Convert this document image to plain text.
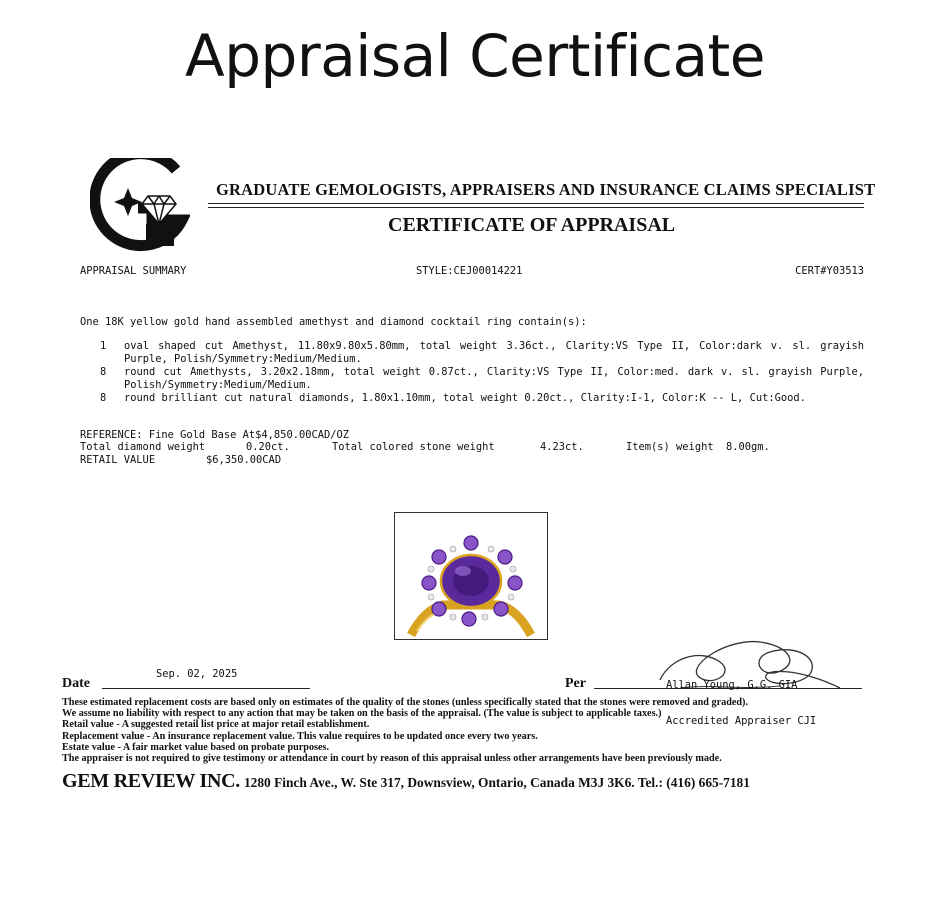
Appraisal Certificate
GRADUATE GEMOLOGISTS, APPRAISERS AND INSURANCE CLAIMS SPECIALIST
CERTIFICATE OF APPRAISAL
APPRAISAL SUMMARY	STYLE:CEJ00014221	CERT#Y03513
One 18K yellow gold hand assembled amethyst and diamond cocktail ring contain(s):
1 oval shaped cut Amethyst, 11.80x9.80x5.80mm, total weight 3.36ct., Clarity:VS Type II, Color:dark v. sl. grayish Purple, Polish/Symmetry:Medium/Medium.
8 round cut Amethysts, 3.20x2.18mm, total weight 0.87ct., Clarity:VS Type II, Color:med. dark v. sl. grayish Purple, Polish/Symmetry:Medium/Medium.
8 round brilliant cut natural diamonds, 1.80x1.10mm, total weight 0.20ct., Clarity:I-1, Color:K -- L, Cut:Good.
REFERENCE: Fine Gold Base At$4,850.00CAD/OZ
Total diamond weight	0.20ct.	Total colored stone weight	4.23ct.	Item(s) weight 8.00gm.
RETAIL VALUE	$6,350.00CAD
Date
Sep. 02, 2025
Per

	Allan Young, G.G. GIA

Accredited Appraiser CJI

These estimated replacement costs are based only on estimates of the quality of the stones (unless specifically stated that the stones were removed and graded).
We assume no liability with respect to any action that may be taken on the basis of the appraisal. (The value is subject to applicable taxes.)
Retail value - A suggested retail list price at major retail establishment.
Replacement value - An insurance replacement value. This value requires to be updated once every two years.
Estate value - A fair market value based on probate purposes.
The appraiser is not required to give testimony or attendance in court by reason of this appraisal unless other arrangements have been previously made.
GEM REVIEW INC. 1280 Finch Ave., W. Ste 317, Downsview, Ontario, Canada M3J 3K6. Tel.: (416) 665-7181
